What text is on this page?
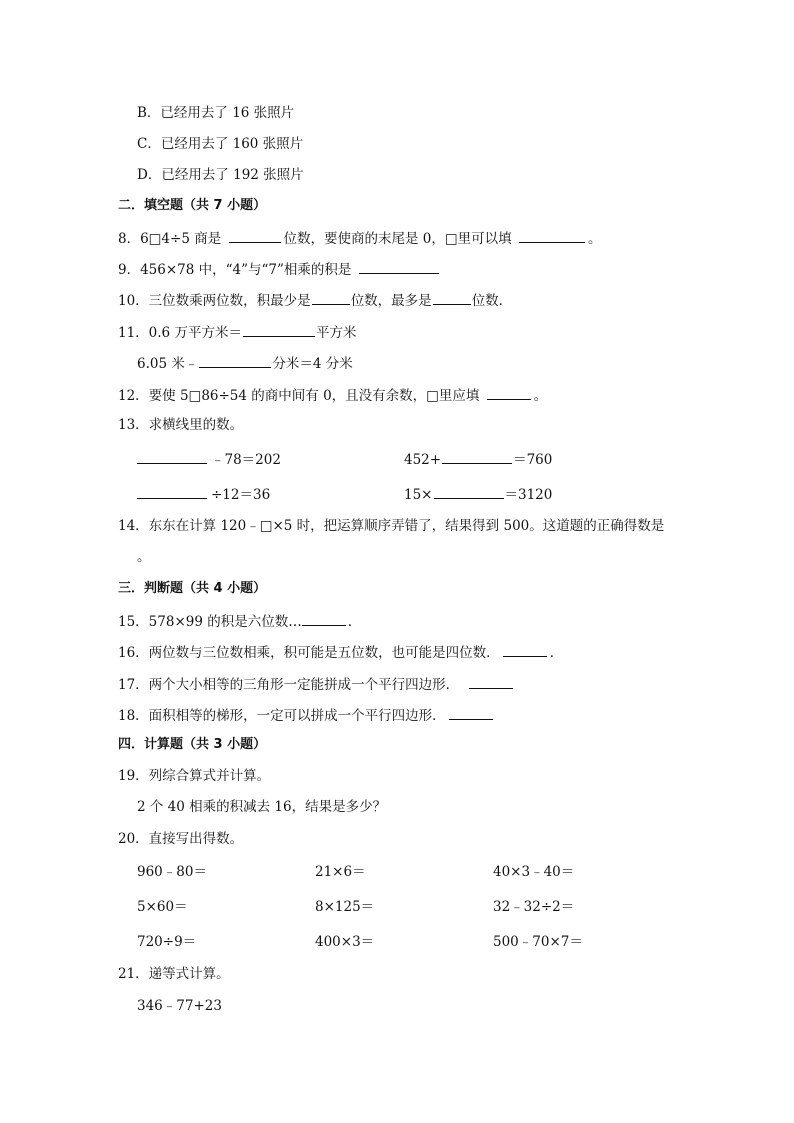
B．已经用去了 16 张照片
C．已经用去了 160 张照片
D．已经用去了 192 张照片
二．填空题（共 7 小题）
8．6□4÷5 商是	位数，要使商的末尾是 0，□里可以填	。
9．456×78 中，“4”与“7”相乘的积是
10．三位数乘两位数，积最少是	位数，最多是	位数．
11．0.6 万平方米＝	平方米
6.05 米﹣	分米＝4 分米
12．要使 5□86÷54 的商中间有 0，且没有余数，□里应填	。
13．求横线里的数。
﹣78＝202	452+	＝760
÷12＝36	15×	＝3120
14．东东在计算 120﹣□×5 时，把运算顺序弄错了，结果得到 500。这道题的正确得数是
。
三．判断题（共 4 小题）
15．578×99 的积是六位数…	．
16．两位数与三位数相乘，积可能是五位数，也可能是四位数．	．
17．两个大小相等的三角形一定能拼成一个平行四边形．
18．面积相等的梯形，一定可以拼成一个平行四边形．
四．计算题（共 3 小题）
19．列综合算式并计算。
2 个 40 相乘的积减去 16，结果是多少？
20．直接写出得数。
960﹣80＝	21×6＝	40×3﹣40＝
5×60＝	8×125＝	32﹣32÷2＝
720÷9＝	400×3＝	500﹣70×7＝
21．递等式计算。
346﹣77+23
